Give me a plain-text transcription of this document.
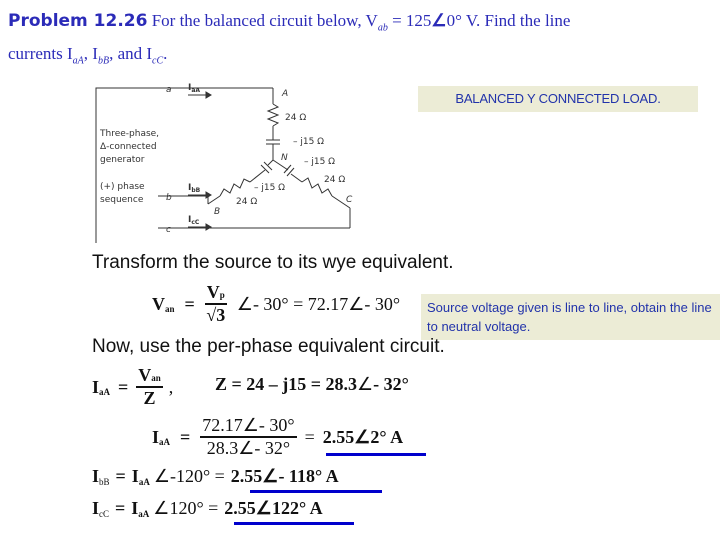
Problem 12.26 For the balanced circuit below, $V_{ab}$ = 125∠0° V. Find the line
currents $I_{aA}$, $I_{bB}$, and $I_{cC}$.
BALANCED Y CONNECTED LOAD.
Three-phase,
Δ-connected
generator
(+) phase
sequence
a
b
c
A
B
C
N
24 Ω
– j15 Ω
– j15 Ω
– j15 Ω
24 Ω
24 Ω
$I_{aA}$
$I_{bB}$
$I_{cC}$
Transform the source to its wye equivalent.
V an = $\frac{Vp}{√3}$ ∠ - 30° = 72.17 ∠ - 30°	Source voltage given is line to line, obtain the line to neutral voltage.
Now, use the per-phase equivalent circuit.
I aA = $\frac{\text{Van}}{Z}$ , Z = 24 – j15 = 28.3∠- 32°
I aA = $\frac{72.17\angle- 30^\circ}{28.3\angle- 32^\circ} = 2.55$ ∠ 2° A
I bB = I aA ∠ -120° = 2.55 ∠ - 118° A
I cC = I aA ∠ 120° = 2.55 ∠ 122° A
